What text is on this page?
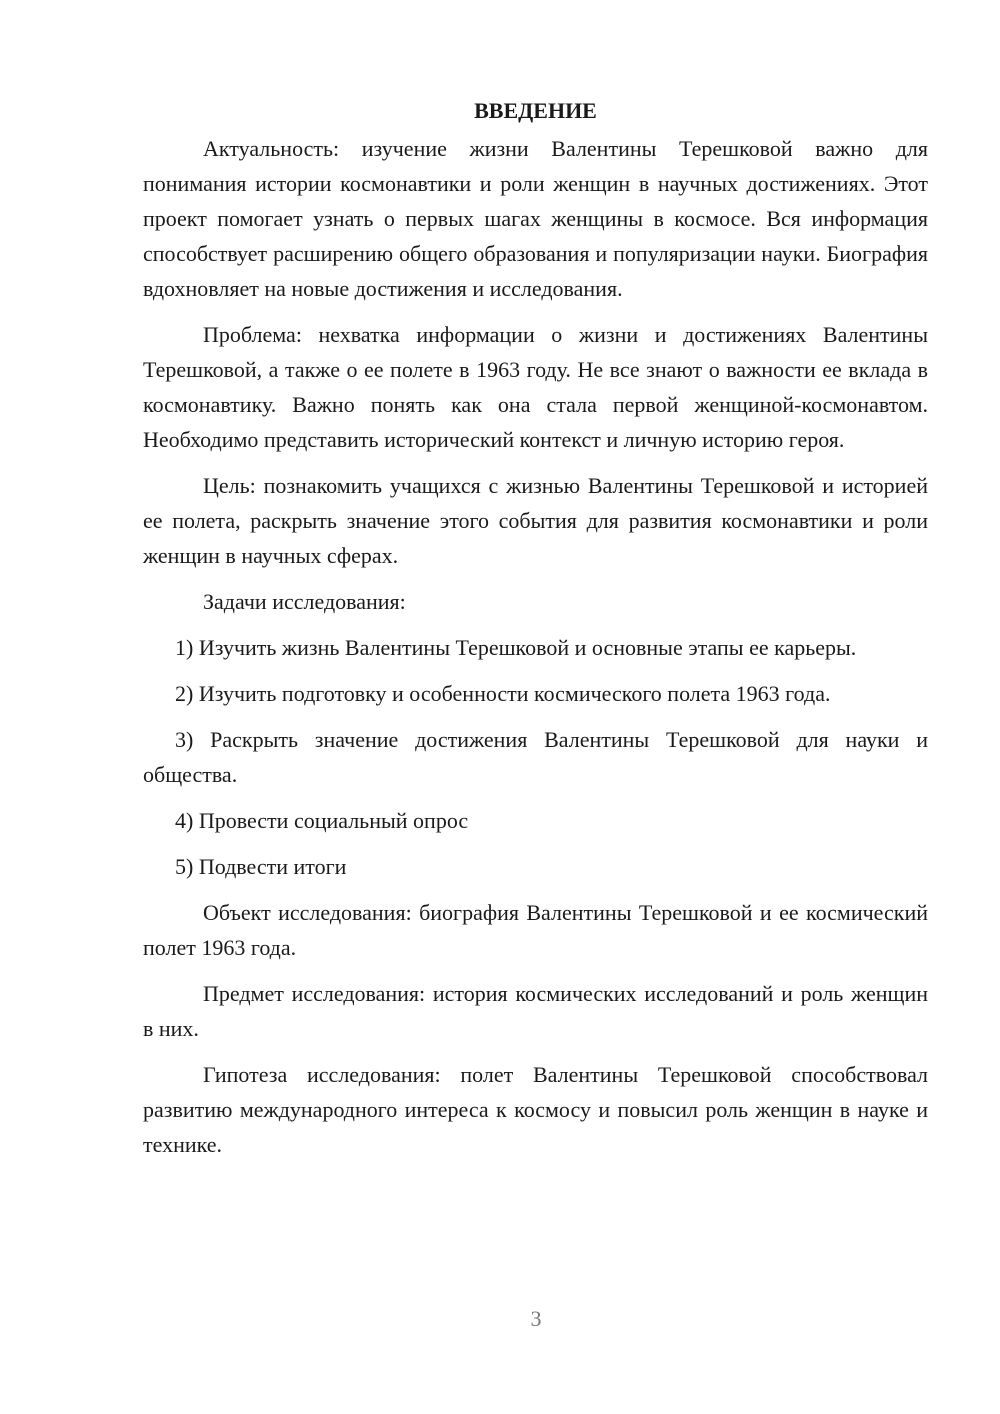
ВВЕДЕНИЕ

Актуальность: изучение жизни Валентины Терешковой важно для понимания истории космонавтики и роли женщин в научных достижениях. Этот проект помогает узнать о первых шагах женщины в космосе. Вся информация способствует расширению общего образования и популяризации науки. Биография вдохновляет на новые достижения и исследования.

Проблема: нехватка информации о жизни и достижениях Валентины Терешковой, а также о ее полете в 1963 году. Не все знают о важности ее вклада в космонавтику. Важно понять как она стала первой женщиной-космонавтом. Необходимо представить исторический контекст и личную историю героя.

Цель: познакомить учащихся с жизнью Валентины Терешковой и историей ее полета, раскрыть значение этого события для развития космонавтики и роли женщин в научных сферах.

Задачи исследования:

1) Изучить жизнь Валентины Терешковой и основные этапы ее карьеры.

2) Изучить подготовку и особенности космического полета 1963 года.

3) Раскрыть значение достижения Валентины Терешковой для науки и общества.

4) Провести социальный опрос

5) Подвести итоги

Объект исследования: биография Валентины Терешковой и ее космический полет 1963 года.

Предмет исследования: история космических исследований и роль женщин в них.

Гипотеза исследования: полет Валентины Терешковой способствовал развитию международного интереса к космосу и повысил роль женщин в науке и технике.

3
